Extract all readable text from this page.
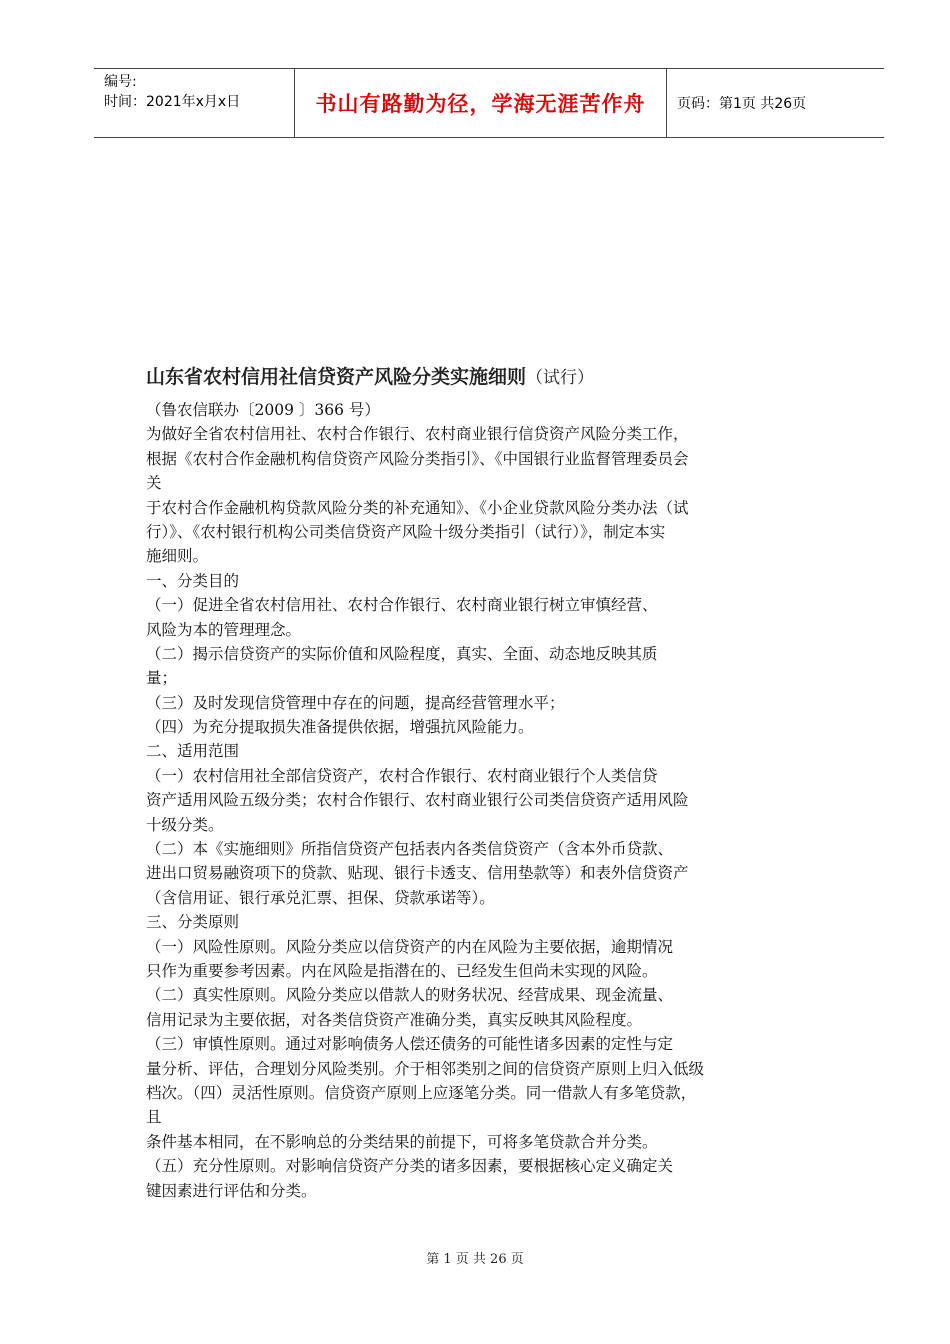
编号:
时间：2021年x月x日	书山有路勤为径，学海无涯苦作舟	页码：第1页 共26页
山东省农村信用社信贷资产风险分类实施细则（试行）
（鲁农信联办〔2009 〕366 号）
为做好全省农村信用社、农村合作银行、农村商业银行信贷资产风险分类工作，
根据《农村合作金融机构信贷资产风险分类指引》、《中国银行业监督管理委员会
关
于农村合作金融机构贷款风险分类的补充通知》、《小企业贷款风险分类办法（试
行）》、《农村银行机构公司类信贷资产风险十级分类指引（试行）》，制定本实
施细则。
一、分类目的
（一）促进全省农村信用社、农村合作银行、农村商业银行树立审慎经营、
风险为本的管理理念。
（二）揭示信贷资产的实际价值和风险程度，真实、全面、动态地反映其质
量；
（三）及时发现信贷管理中存在的问题，提高经营管理水平；
（四）为充分提取损失准备提供依据，增强抗风险能力。
二、适用范围
（一）农村信用社全部信贷资产，农村合作银行、农村商业银行个人类信贷
资产适用风险五级分类；农村合作银行、农村商业银行公司类信贷资产适用风险
十级分类。
（二）本《实施细则》所指信贷资产包括表内各类信贷资产（含本外币贷款、
进出口贸易融资项下的贷款、贴现、银行卡透支、信用垫款等）和表外信贷资产
（含信用证、银行承兑汇票、担保、贷款承诺等）。
三、分类原则
（一）风险性原则。风险分类应以信贷资产的内在风险为主要依据，逾期情况
只作为重要参考因素。内在风险是指潜在的、已经发生但尚未实现的风险。
（二）真实性原则。风险分类应以借款人的财务状况、经营成果、现金流量、
信用记录为主要依据，对各类信贷资产准确分类，真实反映其风险程度。
（三）审慎性原则。通过对影响债务人偿还债务的可能性诸多因素的定性与定
量分析、评估，合理划分风险类别。介于相邻类别之间的信贷资产原则上归入低级
档次。（四）灵活性原则。信贷资产原则上应逐笔分类。同一借款人有多笔贷款，
且
条件基本相同，在不影响总的分类结果的前提下，可将多笔贷款合并分类。
（五）充分性原则。对影响信贷资产分类的诸多因素，要根据核心定义确定关
键因素进行评估和分类。
第 1 页 共 26 页
